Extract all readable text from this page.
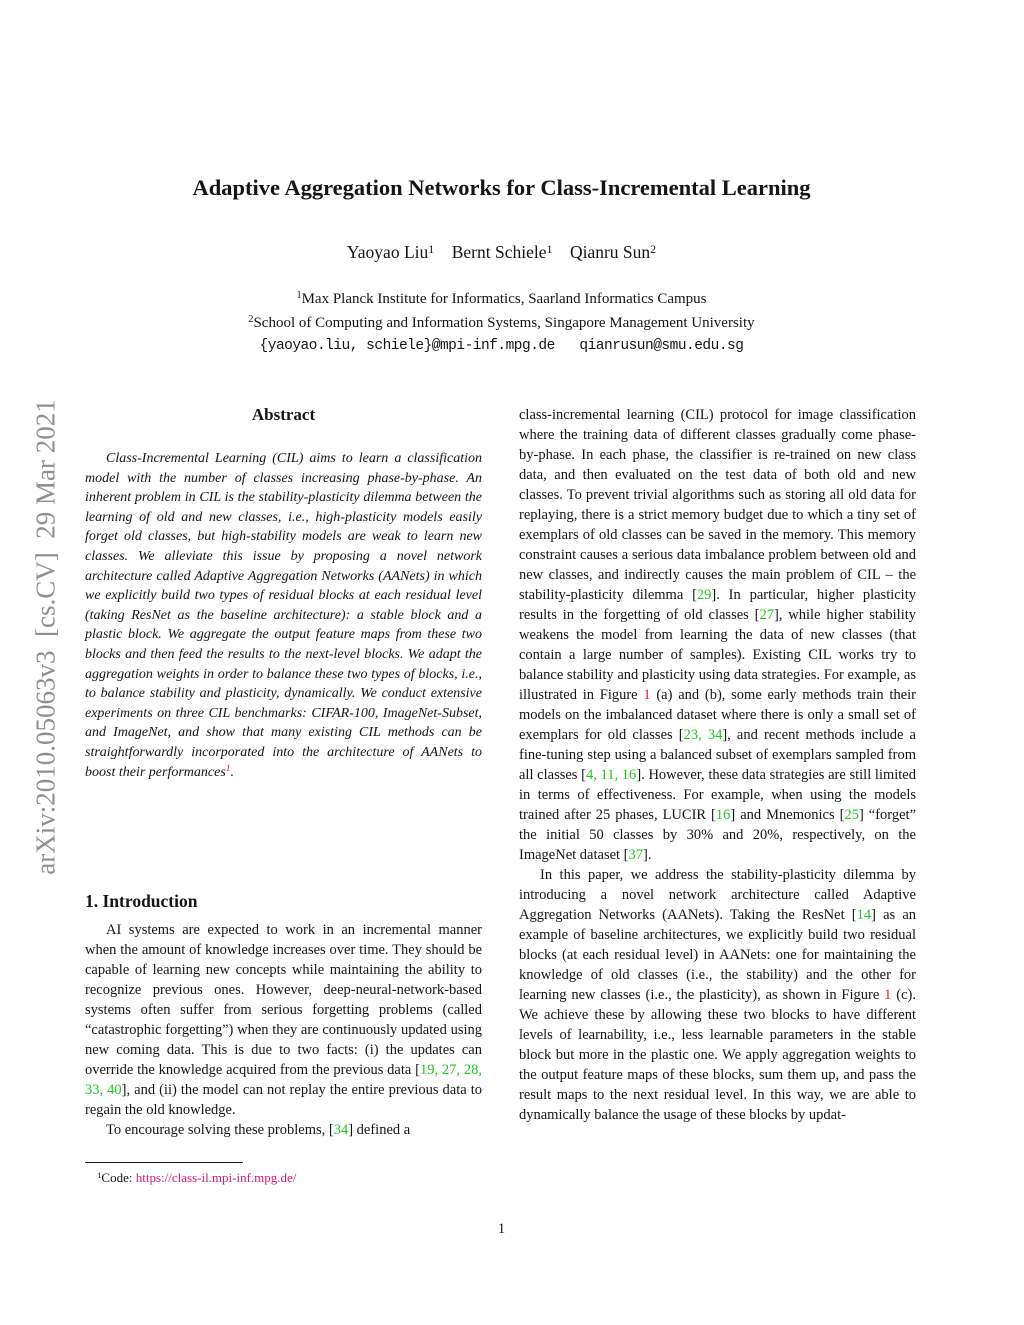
arXiv:2010.05063v3  [cs.CV]  29 Mar 2021
Adaptive Aggregation Networks for Class-Incremental Learning
Yaoyao Liu$^1$    Bernt Schiele$^1$    Qianru Sun$^2$
$^1$Max Planck Institute for Informatics, Saarland Informatics Campus
$^2$School of Computing and Information Systems, Singapore Management University
{yaoyao.liu, schiele}@mpi-inf.mpg.de   qianrusun@smu.edu.sg
Abstract

Class-Incremental Learning (CIL) aims to learn a classification model with the number of classes increasing phase-by-phase. An inherent problem in CIL is the stability-plasticity dilemma between the learning of old and new classes, i.e., high-plasticity models easily forget old classes, but high-stability models are weak to learn new classes. We alleviate this issue by proposing a novel network architecture called Adaptive Aggregation Networks (AANets) in which we explicitly build two types of residual blocks at each residual level (taking ResNet as the baseline architecture): a stable block and a plastic block. We aggregate the output feature maps from these two blocks and then feed the results to the next-level blocks. We adapt the aggregation weights in order to balance these two types of blocks, i.e., to balance stability and plasticity, dynamically. We conduct extensive experiments on three CIL benchmarks: CIFAR-100, ImageNet-Subset, and ImageNet, and show that many existing CIL methods can be straightforwardly incorporated into the architecture of AANets to boost their performances$^1$.

1. Introduction

AI systems are expected to work in an incremental manner when the amount of knowledge increases over time. They should be capable of learning new concepts while maintaining the ability to recognize previous ones. However, deep-neural-network-based systems often suffer from serious forgetting problems (called “catastrophic forgetting”) when they are continuously updated using new coming data. This is due to two facts: (i) the updates can override the knowledge acquired from the previous data [19, 27, 28, 33, 40], and (ii) the model can not replay the entire previous data to regain the old knowledge.

To encourage solving these problems, [34] defined a

$^1$Code: https://class-il.mpi-inf.mpg.de/

class-incremental learning (CIL) protocol for image classification where the training data of different classes gradually come phase-by-phase. In each phase, the classifier is re-trained on new class data, and then evaluated on the test data of both old and new classes. To prevent trivial algorithms such as storing all old data for replaying, there is a strict memory budget due to which a tiny set of exemplars of old classes can be saved in the memory. This memory constraint causes a serious data imbalance problem between old and new classes, and indirectly causes the main problem of CIL – the stability-plasticity dilemma [29]. In particular, higher plasticity results in the forgetting of old classes [27], while higher stability weakens the model from learning the data of new classes (that contain a large number of samples). Existing CIL works try to balance stability and plasticity using data strategies. For example, as illustrated in Figure 1 (a) and (b), some early methods train their models on the imbalanced dataset where there is only a small set of exemplars for old classes [23, 34], and recent methods include a fine-tuning step using a balanced subset of exemplars sampled from all classes [4, 11, 16]. However, these data strategies are still limited in terms of effectiveness. For example, when using the models trained after 25 phases, LUCIR [16] and Mnemonics [25] “forget” the initial 50 classes by 30% and 20%, respectively, on the ImageNet dataset [37].

In this paper, we address the stability-plasticity dilemma by introducing a novel network architecture called Adaptive Aggregation Networks (AANets). Taking the ResNet [14] as an example of baseline architectures, we explicitly build two residual blocks (at each residual level) in AANets: one for maintaining the knowledge of old classes (i.e., the stability) and the other for learning new classes (i.e., the plasticity), as shown in Figure 1 (c). We achieve these by allowing these two blocks to have different levels of learnability, i.e., less learnable parameters in the stable block but more in the plastic one. We apply aggregation weights to the output feature maps of these blocks, sum them up, and pass the result maps to the next residual level. In this way, we are able to dynamically balance the usage of these blocks by updat-

1
